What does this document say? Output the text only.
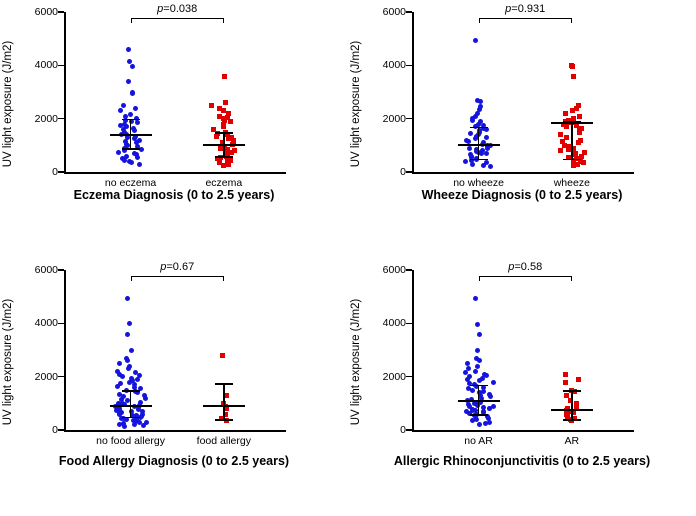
UV light exposure (J/m2)
0
2000
4000
6000
no eczema	eczema
p=0.038
Eczema Diagnosis (0 to 2.5 years)
UV light exposure (J/m2)
0
2000
4000
6000
no wheeze	wheeze
p=0.931
Wheeze Diagnosis (0 to 2.5 years)
UV light exposure (J/m2)
0
2000
4000
6000
no food allergy	food allergy
p=0.67
Food Allergy Diagnosis (0 to 2.5 years)
UV light exposure (J/m2)
0
2000
4000
6000
no AR	AR
p=0.58
Allergic Rhinoconjunctivitis (0 to 2.5 years)
